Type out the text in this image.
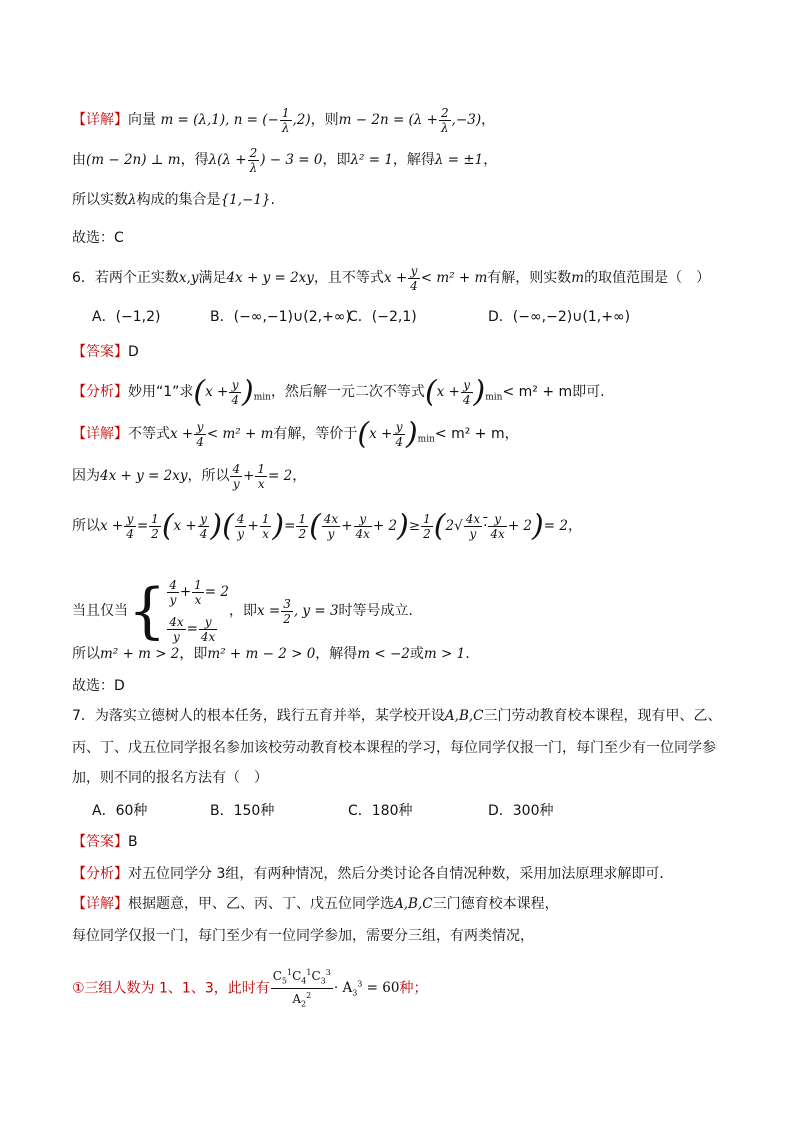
【详解】向量 m = (λ,1), n = (− $\frac{1}{\lambda} ,2$)，则$m - 2n = (\lambda + \frac{2}{\lambda} ,-3)$，
由(m − 2n) ⊥ m，得$\lambda(\lambda + \frac{2}{\lambda}$ ) − 3 = 0，即λ² = 1，解得λ = ±1，
所以实数λ构成的集合是{1,−1}.
故选：C
6．若两个正实数x,y满足4x + y = 2xy，且不等式$x + \frac{y}{4} < m^2 + m$有解，则实数m的取值范围是（　）
A．(−1,2)	B．(−∞,−1)∪(2,+∞)
C．(−2,1)	D．(−∞,−2)∪(1,+∞)
【答案】D
【分析】妙用“1”求$(x + \frac{y}{4} )_{min}$，然后解一元二次不等式$(x + \frac{y}{4} )_{min}< m^2 + m$即可.
【详解】不等式$x + \frac{y}{4} < m^2 + m$有解，等价于$(x + \frac{y}{4} )_{min}< m^2 + m$，
因为4x + y = 2xy，所以 $\frac{4}{y} + \frac{1}{x} = 2$，
所以$x + \frac{y}{4} = \frac{1}{2} (x + \frac{y}{4}$ )( $\frac{4}{y} + \frac{1}{x}$ )= $\frac{1}{2}$ ( $\frac{4x}{y} + \frac{y}{4x} + 2)\ge \frac{1}{2} (2√ \frac{4x}{y} \cdot \frac{y}{4x} + 2)= 2$，
当且仅当{ $\frac{4}{y} + \frac{1}{x} = 2$
$\frac{4x}{y} = \frac{y}{4x}$
，即$x = \frac{3}{2}$ , y = 3时等号成立.
所以m² + m > 2，即m² + m − 2 > 0，解得m < −2或m > 1.
故选：D
7．为落实立德树人的根本任务，践行五育并举，某学校开设A,B,C三门劳动教育校本课程，现有甲、乙、
丙、丁、戊五位同学报名参加该校劳动教育校本课程的学习，每位同学仅报一门，每门至少有一位同学参
加，则不同的报名方法有（　）
A．60种	B．150种	C．180种	D．300种
【答案】B
【分析】对五位同学分 3组，有两种情况，然后分类讨论各自情况种数，采用加法原理求解即可．
【详解】根据题意，甲、乙、丙、丁、戊五位同学选A,B,C三门德育校本课程，
每位同学仅报一门，每门至少有一位同学参加，需要分三组，有两类情况，
①三组人数为 1、1、3，此时有 $\frac{C_5^1C_4^1C_3^3}{A_2^2} \cdot A_3^3 = 60$种；
